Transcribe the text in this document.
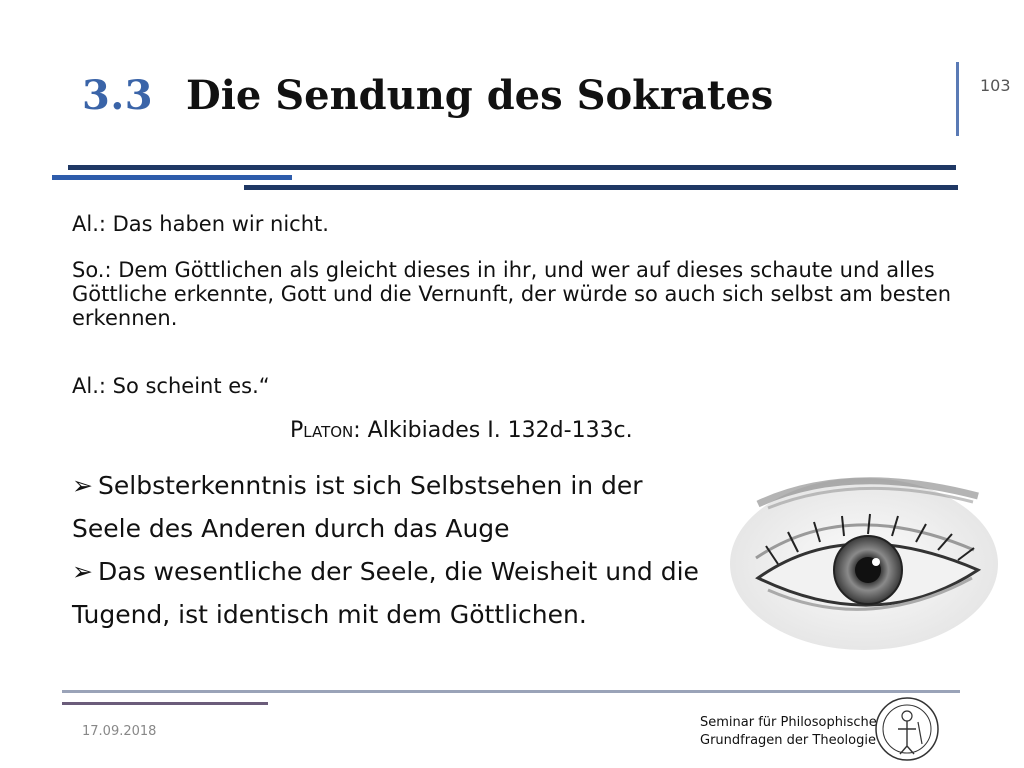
3.3 Die Sendung des Sokrates	103
Al.: Das haben wir nicht.
So.: Dem Göttlichen als gleicht dieses in ihr, und wer auf dieses schaute und alles Göttliche erkennte, Gott und die Vernunft, der würde so auch sich selbst am besten erkennen.
Al.: So scheint es.“
Platon: Alkibiades I. 132d-133c.
➢ Selbsterkenntnis ist sich Selbstsehen in der Seele des Anderen durch das Auge
➢ Das wesentliche der Seele, die Weisheit und die Tugend, ist identisch mit dem Göttlichen.
17.09.2018
Seminar für Philosophische
Grundfragen der Theologie
